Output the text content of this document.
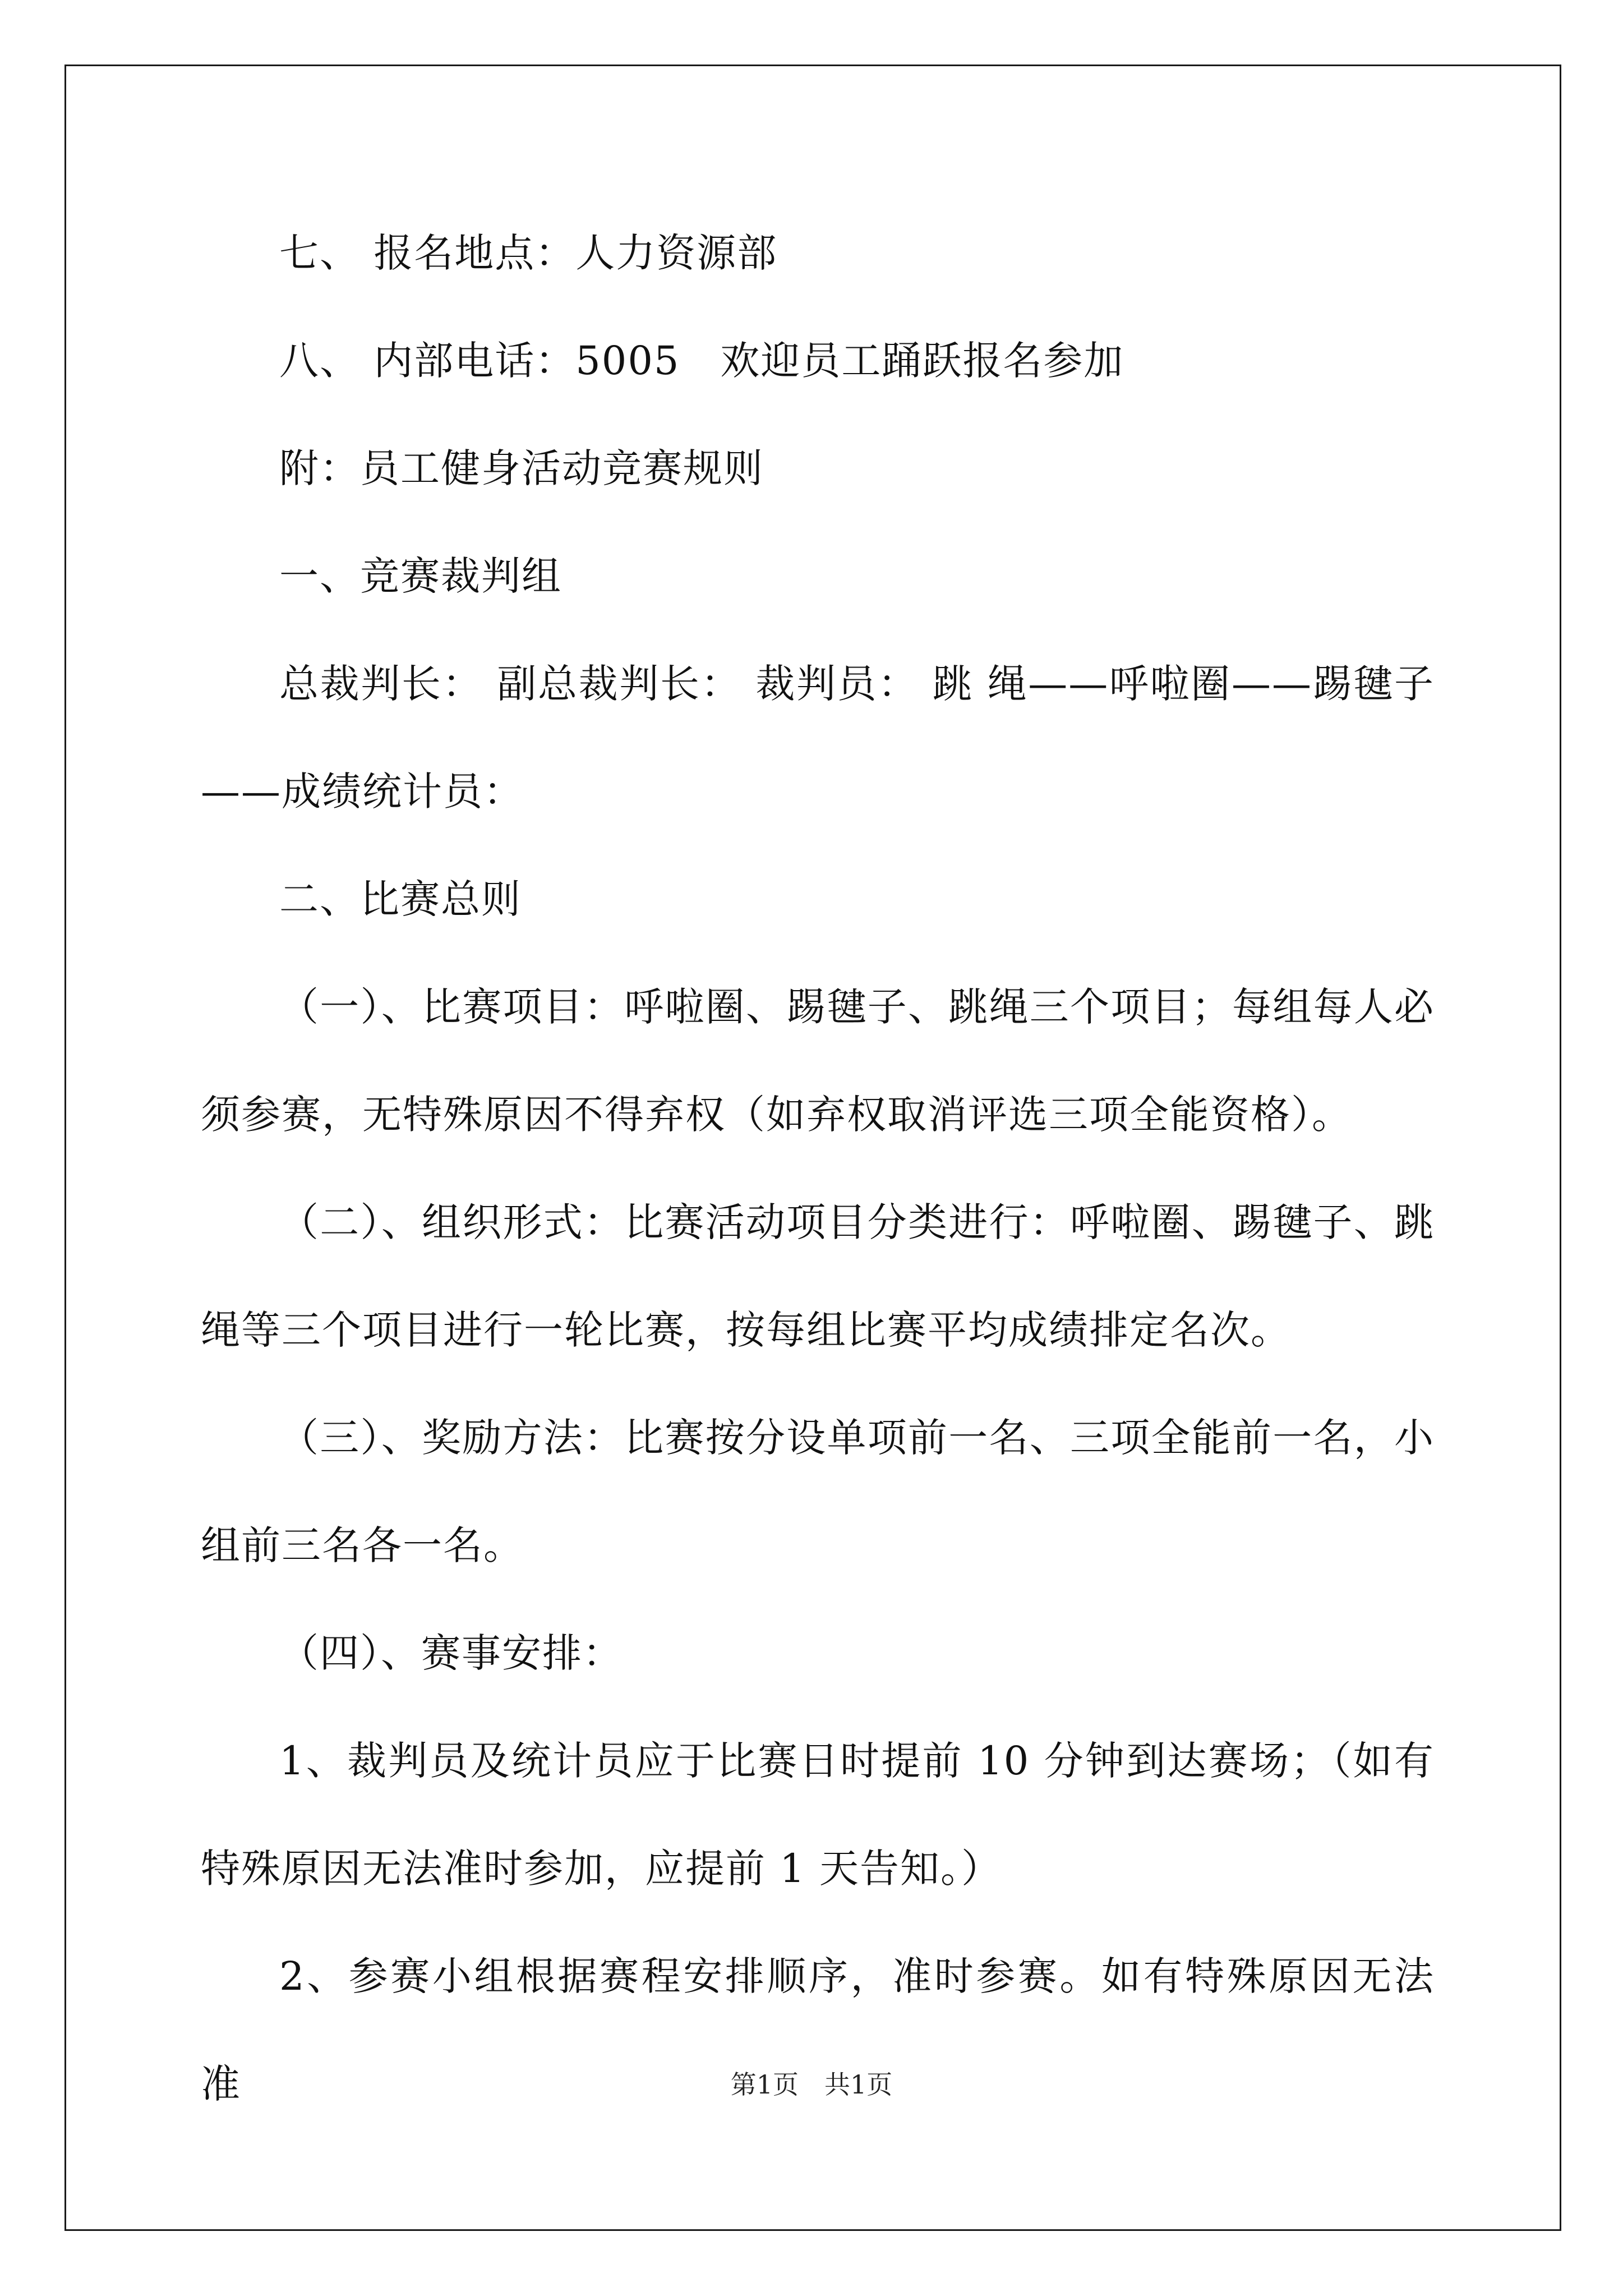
七、 报名地点：人力资源部

八、 内部电话：5005　欢迎员工踊跃报名参加

附：员工健身活动竞赛规则

一、竞赛裁判组

总裁判长： 副总裁判长： 裁判员： 跳 绳——呼啦圈——踢毽子——成绩统计员：

二、比赛总则

（一）、比赛项目：呼啦圈、踢毽子、跳绳三个项目；每组每人必须参赛，无特殊原因不得弃权（如弃权取消评选三项全能资格）。

（二）、组织形式：比赛活动项目分类进行：呼啦圈、踢毽子、跳绳等三个项目进行一轮比赛，按每组比赛平均成绩排定名次。

（三）、奖励方法：比赛按分设单项前一名、三项全能前一名，小组前三名各一名。

（四）、赛事安排：

1、裁判员及统计员应于比赛日时提前 10 分钟到达赛场；（如有特殊原因无法准时参加，应提前 1 天告知。）

2、参赛小组根据赛程安排顺序，准时参赛。如有特殊原因无法准	第1页　共1页
